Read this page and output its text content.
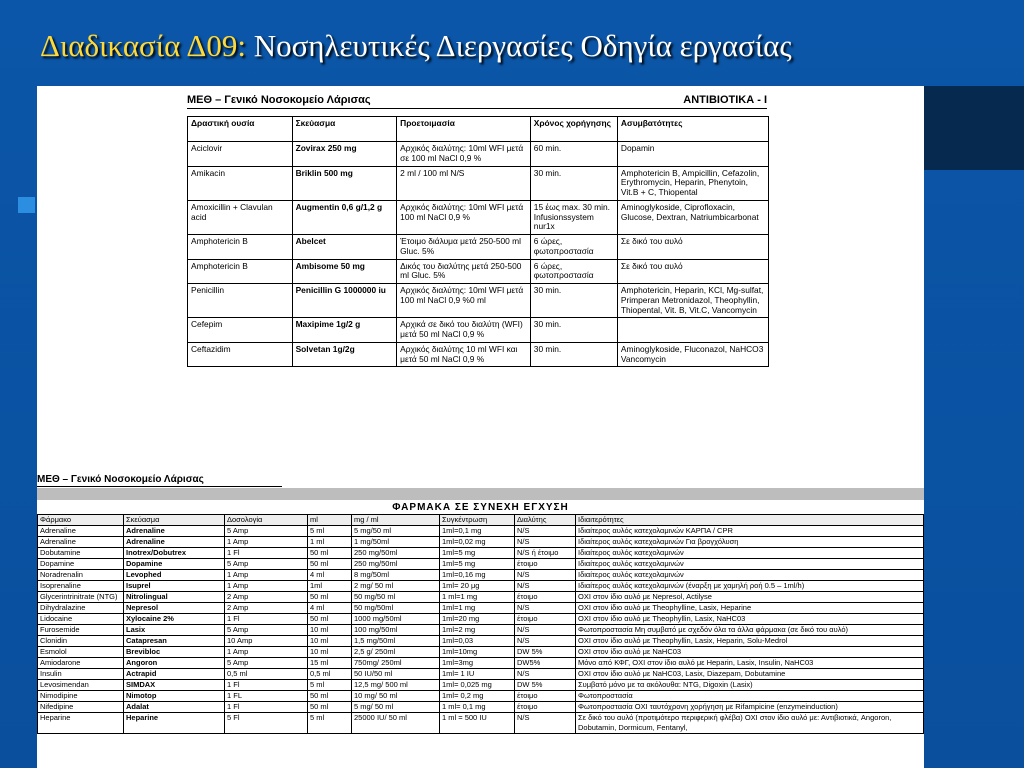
Διαδικασία Δ09: Νοσηλευτικές Διεργασίες Οδηγία εργασίας
ΜΕΘ – Γενικό Νοσοκομείο Λάρισας	ΑΝΤΙΒΙΟΤΙΚΑ - I
Δραστική ουσία	Σκεύασμα	Προετοιμασία	Χρόνος χορήγησης	Ασυμβατότητες
Aciclovir	Zovirax 250 mg	Αρχικός διαλύτης: 10ml WFI μετά σε 100 ml NaCl 0,9 %	60 min.	Dopamin
Amikacin	Briklin 500 mg	2 ml / 100 ml N/S	30 min.	Amphotericin B, Ampicillin, Cefazolin, Erythromycin, Heparin, Phenytoin, Vit.B + C, Thiopental
Amoxicillin + Clavulan acid	Augmentin 0,6 g/1,2 g	Αρχικός διαλύτης: 10ml WFI μετά 100 ml NaCl 0,9 %	15 έως max. 30 min. Infusionssystem nur1x	Aminoglykoside, Ciprofloxacin, Glucose, Dextran, Natriumbicarbonat
Amphotericin B	Abelcet	Έτοιμο διάλυμα μετά 250-500 ml Gluc. 5%	6 ώρες, φωτοπροστασία	Σε δικό του αυλό
Amphotericin B	Ambisome 50 mg	Δικός του διαλύτης μετά 250-500 ml Gluc. 5%	6 ώρες, φωτοπροστασία	Σε δικό του αυλό
Penicillin	Penicillin G 1000000 iu	Αρχικός διαλύτης: 10ml WFI μετά 100 ml NaCl 0,9 %0 ml	30 min.	Amphotericin, Heparin, KCl, Mg-sulfat, Primperan Metronidazol, Theophyllin, Thiopental, Vit. B, Vit.C, Vancomycin
Cefepim	Maxipime 1g/2 g	Αρχικά σε δικό του διαλύτη (WFI) μετά 50 ml NaCl 0,9 %	30 min.	
Ceftazidim	Solvetan 1g/2g	Αρχικός διαλύτης 10 ml WFI και μετά 50 ml NaCl 0,9 %	30 min.	Aminoglykoside, Fluconazol, NaHCO3 Vancomycin
ΜΕΘ – Γενικό Νοσοκομείο Λάρισας
ΦΑΡΜΑΚΑ ΣΕ ΣΥΝΕΧΗ ΕΓΧΥΣΗ
Φάρμακο	Σκεύασμα	Δοσολογία	ml	mg / ml	Συγκέντρωση	Διαλύτης	Ιδιαιτερότητες
Adrenaline	Adrenaline	5 Amp	5 ml	5 mg/50 ml	1ml=0,1 mg	N/S	Ιδιαίτερος αυλός κατεχολαμινών ΚΑΡΠΑ / CPR
Adrenaline	Adrenaline	1 Amp	1 ml	1 mg/50ml	1ml=0,02 mg	N/S	Ιδιαίτερος αυλός κατεχολαμινών Για βρογχόλυση
Dobutamine	Inotrex/Dobutrex	1 Fl	50 ml	250 mg/50ml	1ml=5 mg	N/S ή έτοιμο	Ιδιαίτερος αυλός κατεχολαμινών
Dopamine	Dopamine	5 Amp	50 ml	250 mg/50ml	1ml=5 mg	έτοιμο	Ιδιαίτερος αυλός κατεχολαμινών
Noradrenalin	Levophed	1 Amp	4 ml	8 mg/50ml	1ml=0,16 mg	N/S	Ιδιαίτερος αυλός κατεχολαμινών
Isoprenaline	Isuprel	1 Amp	1ml	2 mg/ 50 ml	1ml= 20 μg	N/S	Ιδιαίτερος αυλός κατεχολαμινών (έναρξη με χαμηλή ροή 0.5 – 1ml/h)
Glycerintrinitrate (NTG)	Nitrolingual	2 Amp	50 ml	50 mg/50 ml	1 ml=1 mg	έτοιμο	ΟΧΙ στον ίδιο αυλό με Nepresol, Actilyse
Dihydralazine	Nepresol	2 Amp	4 ml	50 mg/50ml	1ml=1 mg	N/S	ΟΧΙ στον ίδιο αυλό με Theophylline, Lasix, Heparine
Lidocaine	Xylocaine 2%	1 Fl	50 ml	1000 mg/50ml	1ml=20 mg	έτοιμο	ΟΧΙ στον ίδιο αυλό με Theophyllin, Lasix, NaHC03
Furosemide	Lasix	5 Amp	10 ml	100 mg/50ml	1ml=2 mg	N/S	Φωτοπροστασία Μη συμβατό με σχεδόν όλα τα άλλα φάρμακα (σε δικό του αυλό)
Clonidin	Catapresan	10 Amp	10 ml	1,5 mg/50ml	1ml=0,03	N/S	ΟΧΙ στον ίδιο αυλό με Theophyllin, Lasix, Heparin, Solu-Medrol
Esmolol	Brevibloc	1 Amp	10 ml	2,5 g/ 250ml	1ml=10mg	DW 5%	ΟΧΙ στον ίδιο αυλό με NaHC03
Amiodarone	Angoron	5 Amp	15 ml	750mg/ 250ml	1ml=3mg	DW5%	Μόνο από ΚΦΓ, ΟΧΙ στον ίδιο αυλό με Heparin, Lasix, Insulin, NaHC03
Insulin	Actrapid	0,5 ml	0,5 ml	50 IU/50 ml	1ml= 1 IU	N/S	ΟΧΙ στον ίδιο αυλό με NaHC03, Lasix, Diazepam, Dobutamine
Levosimendan	SIMDAX	1 Fl	5 ml	12,5 mg/ 500 ml	1ml= 0,025 mg	DW 5%	Συμβατό μόνο με τα ακόλουθα: NTG, Digoxin (Lasix)
Nimodipine	Nimotop	1 FL	50 ml	10 mg/ 50 ml	1ml= 0,2 mg	έτοιμο	Φωτοπροστασία
Nifedipine	Adalat	1 Fl	50 ml	5 mg/ 50 ml	1 ml= 0,1 mg	έτοιμο	Φωτοπροστασία ΟΧΙ ταυτόχρονη χορήγηση με Rifampicine (enzymeinduction)
Heparine	Heparine	5 Fl	5 ml	25000 IU/ 50 ml	1 ml = 500 IU	N/S	Σε δικό του αυλό (προτιμότερο περιφερική φλέβα) ΟΧΙ στον ίδιο αυλό με: Αντιβιοτικά, Angoron, Dobutamin, Dormicum, Fentanyl,
